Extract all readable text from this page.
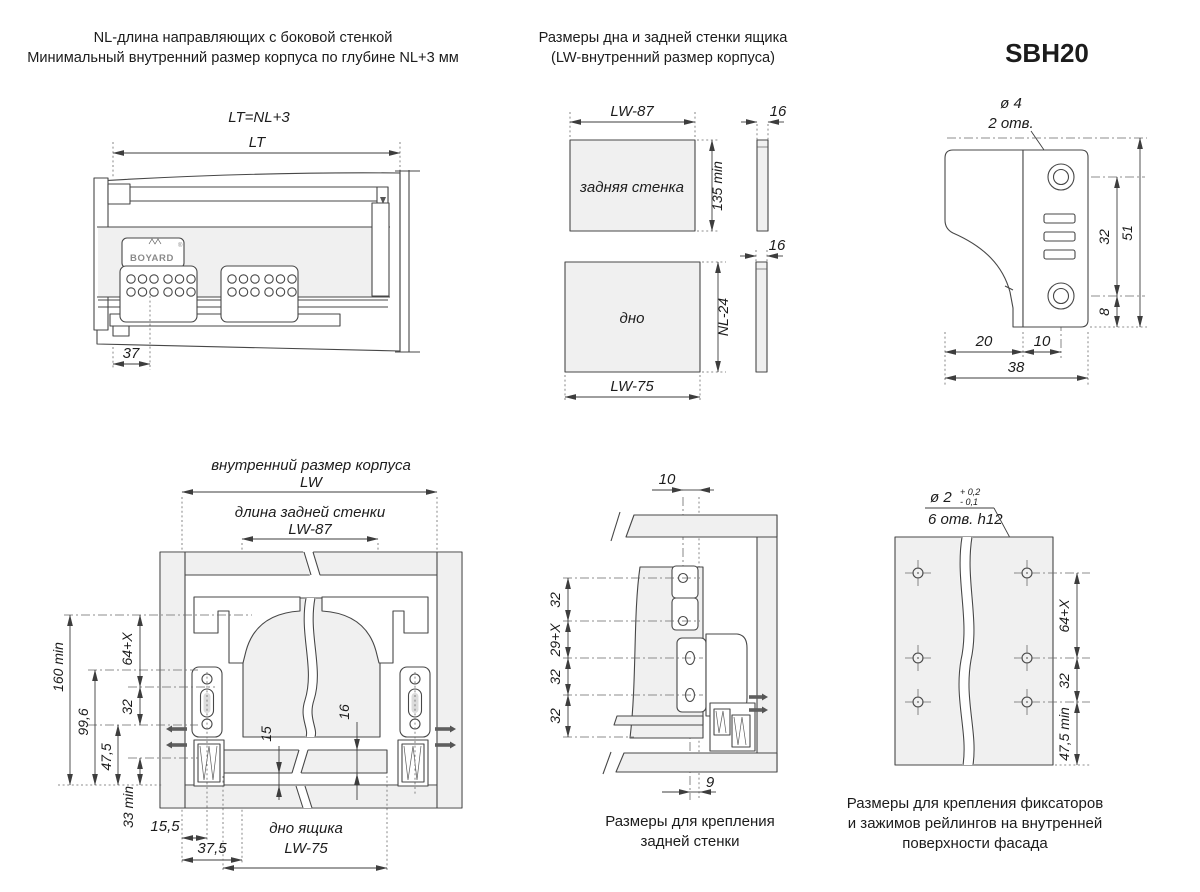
NL-длина направляющих с боковой стенкой
Минимальный внутренний размер корпуса по глубине NL+3 мм
LT=NL+3
LT
BOYARD
®
37
Размеры дна и задней стенки ящика
(LW-внутренний размер корпуса)
задняя стенка
LW-87
135 min
16
дно	NL-24
LW-75
16
SBH20
ø 4
2 отв.
32
8
51
20	10
38
внутренний размер корпуса
LW
длина задней стенки
LW-87
160 min
99,6
47,5
64+X
32
33 min
15
16
15,5
37,5
дно ящика
LW-75
10
32
29+X
32
32
9
Размеры для крепления
задней стенки
ø 2 + 0,2
- 0,1
6 отв. h12
64+X
32
47,5 min
Размеры для крепления фиксаторов
и зажимов рейлингов на внутренней
поверхности фасада
